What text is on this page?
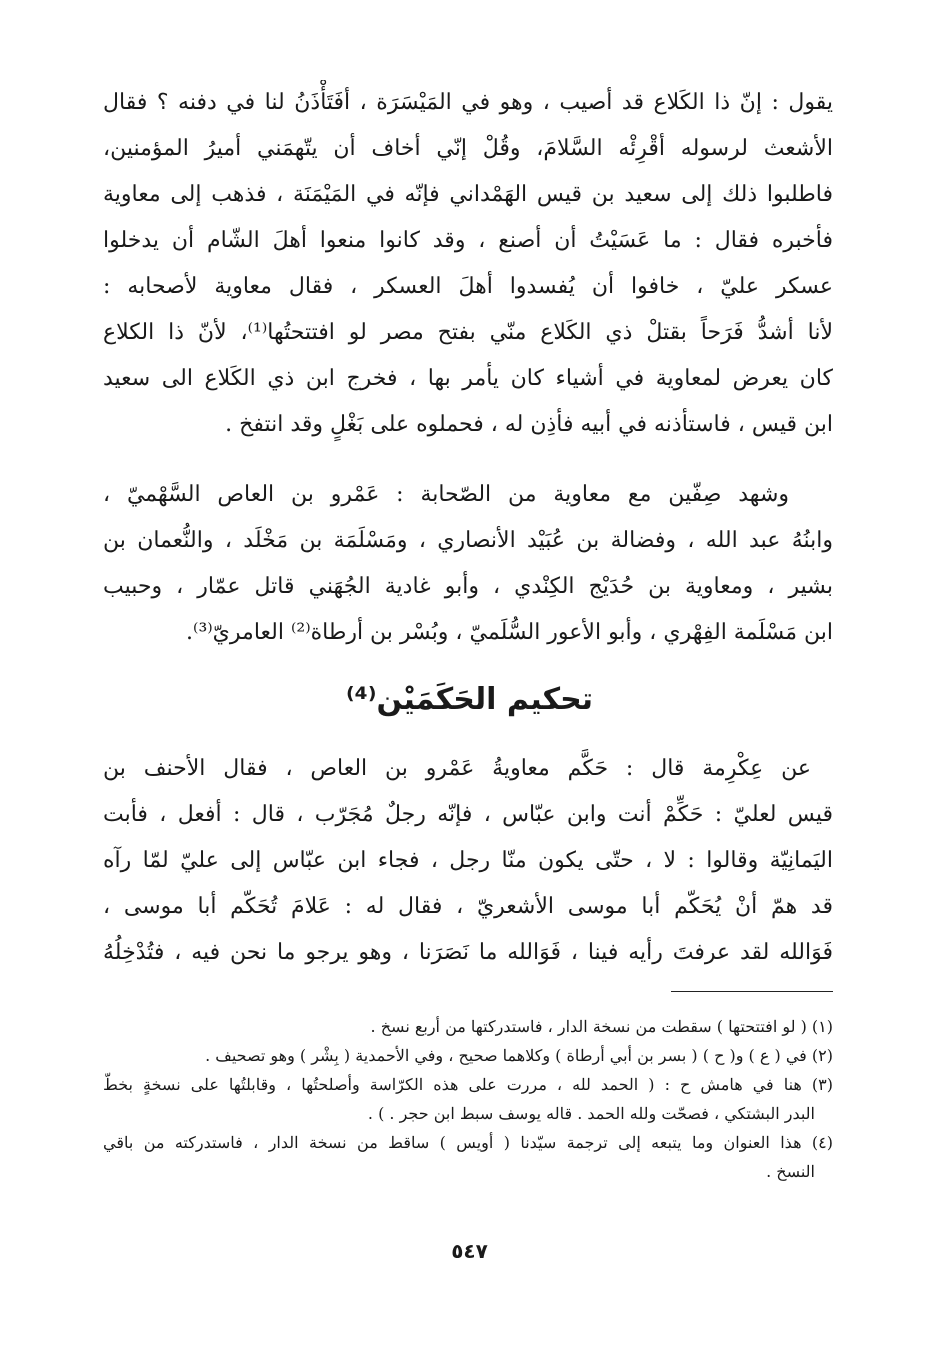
يقول : إنّ ذا الكَلاع قد أصيب ، وهو في المَيْسَرَة ، أفَتَأْذَنُ لنا في دفنه ؟ فقال
الأشعث لرسوله أقْرِئْه السَّلامَ، وقُلْ إنّي أخاف أن يتّهمَني أميرُ المؤمنين،
فاطلبوا ذلك إلى سعيد بن قيس الهَمْداني فإنّه في المَيْمَنَة ، فذهب إلى معاوية
فأخبره فقال : ما عَسَيْتُ أن أصنع ، وقد كانوا منعوا أهلَ الشّام أن يدخلوا
عسكر عليّ ، خافوا أن يُفسدوا أهلَ العسكر ، فقال معاوية لأصحابه :
لأنا أشدُّ فَرَحاً بقتلْ ذي الكَلاع منّي بفتح مصر لو افتتحتُها⁽¹⁾، لأنّ ذا الكلاع
كان يعرض لمعاوية في أشياء كان يأمر بها ، فخرج ابن ذي الكَلاع الى سعيد
ابن قيس ، فاستأذنه في أبيه فأذِن له ، فحملوه على بَغْلٍ وقد انتفخ .
وشهد صِفّين مع معاوية من الصّحابة : عَمْرو بن العاص السَّهْميّ ،
وابنُهُ عبد الله ، وفضالة بن عُبَيْد الأنصاري ، ومَسْلَمَة بن مَخْلَد ، والنُّعمان بن
بشير ، ومعاوية بن حُدَيْج الكِنْدي ، وأبو غادية الجُهَني قاتل عمّار ، وحبيب
ابن مَسْلَمة الفِهْري ، وأبو الأعور السُّلَميّ ، وبُسْر بن أرطاة⁽²⁾ العامريّ⁽³⁾.
تحكيم الحَكَمَيْن⁽⁴⁾
عن عِكْرِمة قال : حَكَّم معاويةُ عَمْرو بن العاص ، فقال الأحنف بن
قيس لعليّ : حَكِّمْ أنت وابن عبّاس ، فإنّه رجلٌ مُجَرّب ، قال : أفعل ، فأبت
اليَمانِيّة وقالوا : لا ، حتّى يكون منّا رجل ، فجاء ابن عبّاس إلى عليّ لمّا رآه
قد همّ أنْ يُحَكّم أبا موسى الأشعريّ ، فقال له : عَلامَ تُحَكّم أبا موسى ،
فَوَالله لقد عرفتَ رأيه فينا ، فَوَالله ما نَصَرَنا ، وهو يرجو ما نحن فيه ، فتُدْخِلُهُ
(١) ( لو افتتحتها ) سقطت من نسخة الدار ، فاستدركتها من أربع نسخ .
(٢) في ( ع ) و( ح ) ( بسر بن أبي أرطاة ) وكلاهما صحيح ، وفي الأحمدية ( بِشْر ) وهو تصحيف .
(٣) هنا في هامش ح : ( الحمد لله ، مررت على هذه الكرّاسة وأصلحتُها ، وقابلتُها على نسخةٍ بخطّ
البدر البشتكي ، فصحّت ولله الحمد . قاله يوسف سبط ابن حجر . ) .
(٤) هذا العنوان وما يتبعه إلى ترجمة سيّدنا ( أويس ) ساقط من نسخة الدار ، فاستدركته من باقي
النسخ .
٥٤٧
